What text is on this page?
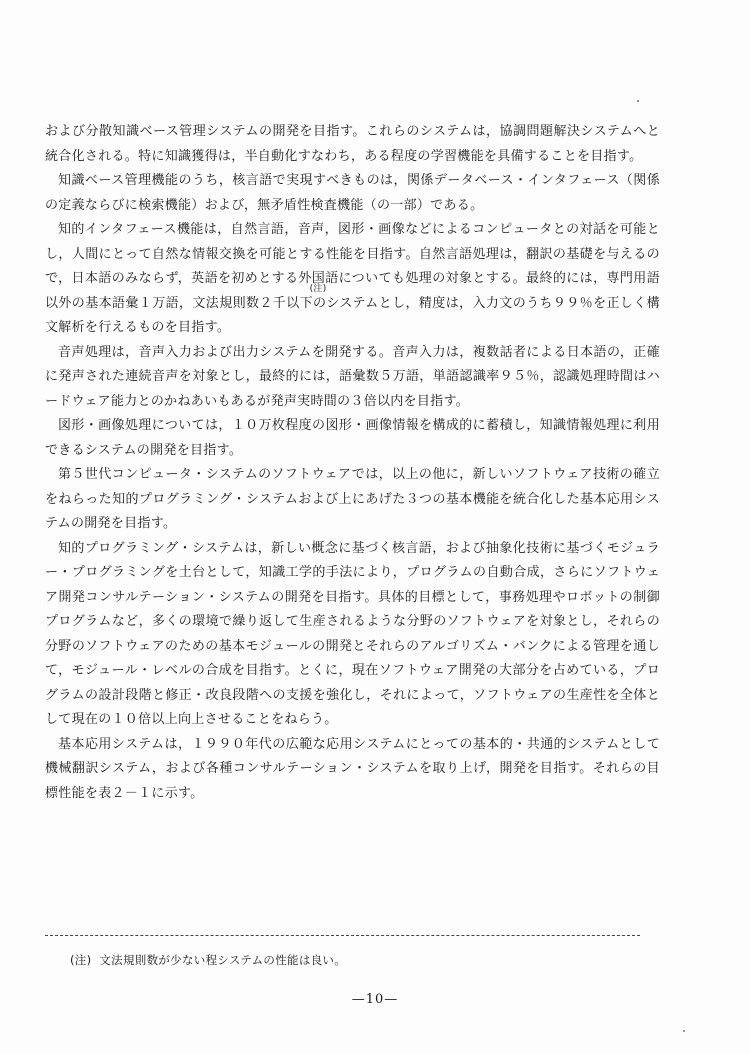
および分散知識ベース管理システムの開発を目指す。これらのシステムは，協調問題解決システムへと統合化される。特に知識獲得は，半自動化すなわち，ある程度の学習機能を具備することを目指す。

知識ベース管理機能のうち，核言語で実現すべきものは，関係データベース・インタフェース（関係の定義ならびに検索機能）および，無矛盾性検査機能（の一部）である。

知的インタフェース機能は，自然言語，音声，図形・画像などによるコンピュータとの対話を可能とし，人間にとって自然な情報交換を可能とする性能を目指す。自然言語処理は，翻訳の基礎を与えるので，日本語のみならず，英語を初めとする外国語についても処理の対象とする。最終的には，専門用語以外の基本語彙１万語，文法規則数２千以
(注)
下のシステムとし，精度は，入力文のうち９９％を正しく構文解析を行えるものを目指す。

音声処理は，音声入力および出力システムを開発する。音声入力は，複数話者による日本語の，正確に発声された連続音声を対象とし，最終的には，語彙数５万語，単語認識率９５％，認識処理時間はハードウェア能力とのかねあいもあるが発声実時間の３倍以内を目指す。

図形・画像処理については，１０万枚程度の図形・画像情報を構成的に蓄積し，知識情報処理に利用できるシステムの開発を目指す。

第５世代コンピュータ・システムのソフトウェアでは，以上の他に，新しいソフトウェア技術の確立をねらった知的プログラミング・システムおよび上にあげた３つの基本機能を統合化した基本応用システムの開発を目指す。

知的プログラミング・システムは，新しい概念に基づく核言語，および抽象化技術に基づくモジュラー・プログラミングを土台として，知識工学的手法により，プログラムの自動合成，さらにソフトウェア開発コンサルテーション・システムの開発を目指す。具体的目標として，事務処理やロボットの制御プログラムなど，多くの環境で繰り返して生産されるような分野のソフトウェアを対象とし，それらの分野のソフトウェアのための基本モジュールの開発とそれらのアルゴリズム・バンクによる管理を通して，モジュール・レベルの合成を目指す。とくに，現在ソフトウェア開発の大部分を占めている，プログラムの設計段階と修正・改良段階への支援を強化し，それによって，ソフトウェアの生産性を全体として現在の１０倍以上向上させることをねらう。

基本応用システムは，１９９０年代の広範な応用システムにとっての基本的・共通的システムとして機械翻訳システム，および各種コンサルテーション・システムを取り上げ，開発を目指す。それらの目標性能を表２－１に示す。

(注) 文法規則数が少ない程システムの性能は良い。
—10—
